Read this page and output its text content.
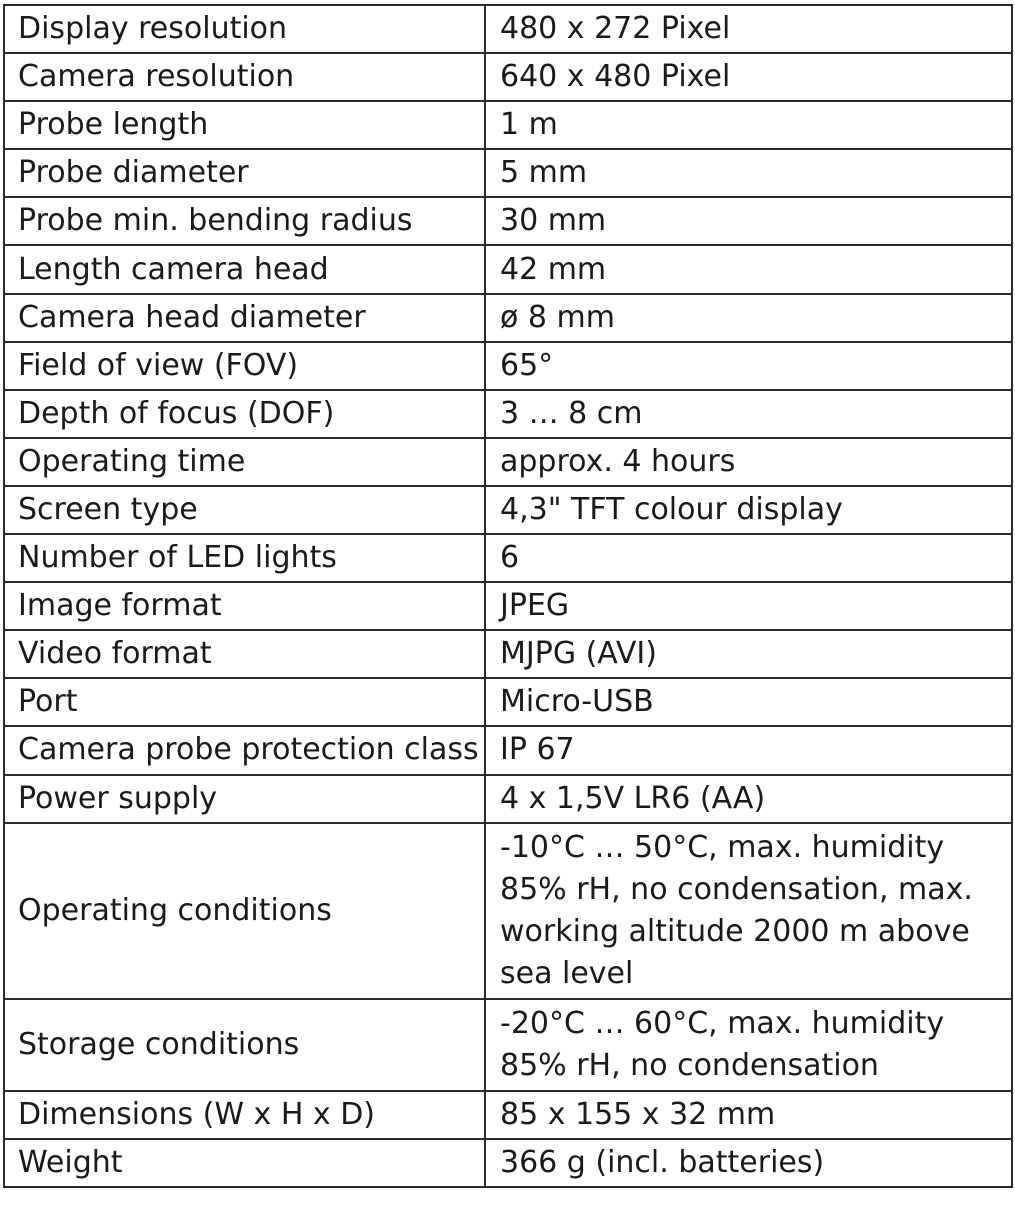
Display resolution	480 x 272 Pixel
Camera resolution	640 x 480 Pixel
Probe length	1 m
Probe diameter	5 mm
Probe min. bending radius	30 mm
Length camera head	42 mm
Camera head diameter	ø 8 mm
Field of view (FOV)	65°
Depth of focus (DOF)	3 … 8 cm
Operating time	approx. 4 hours
Screen type	4,3" TFT colour display
Number of LED lights	6
Image format	JPEG
Video format	MJPG (AVI)
Port	Micro-USB
Camera probe protection class	IP 67
Power supply	4 x 1,5V LR6 (AA)
Operating conditions	-10°C … 50°C, max. humidity 85% rH, no condensation, max. working altitude 2000 m above sea level
Storage conditions	-20°C … 60°C, max. humidity 85% rH, no condensation
Dimensions (W x H x D)	85 x 155 x 32 mm
Weight	366 g (incl. batteries)
